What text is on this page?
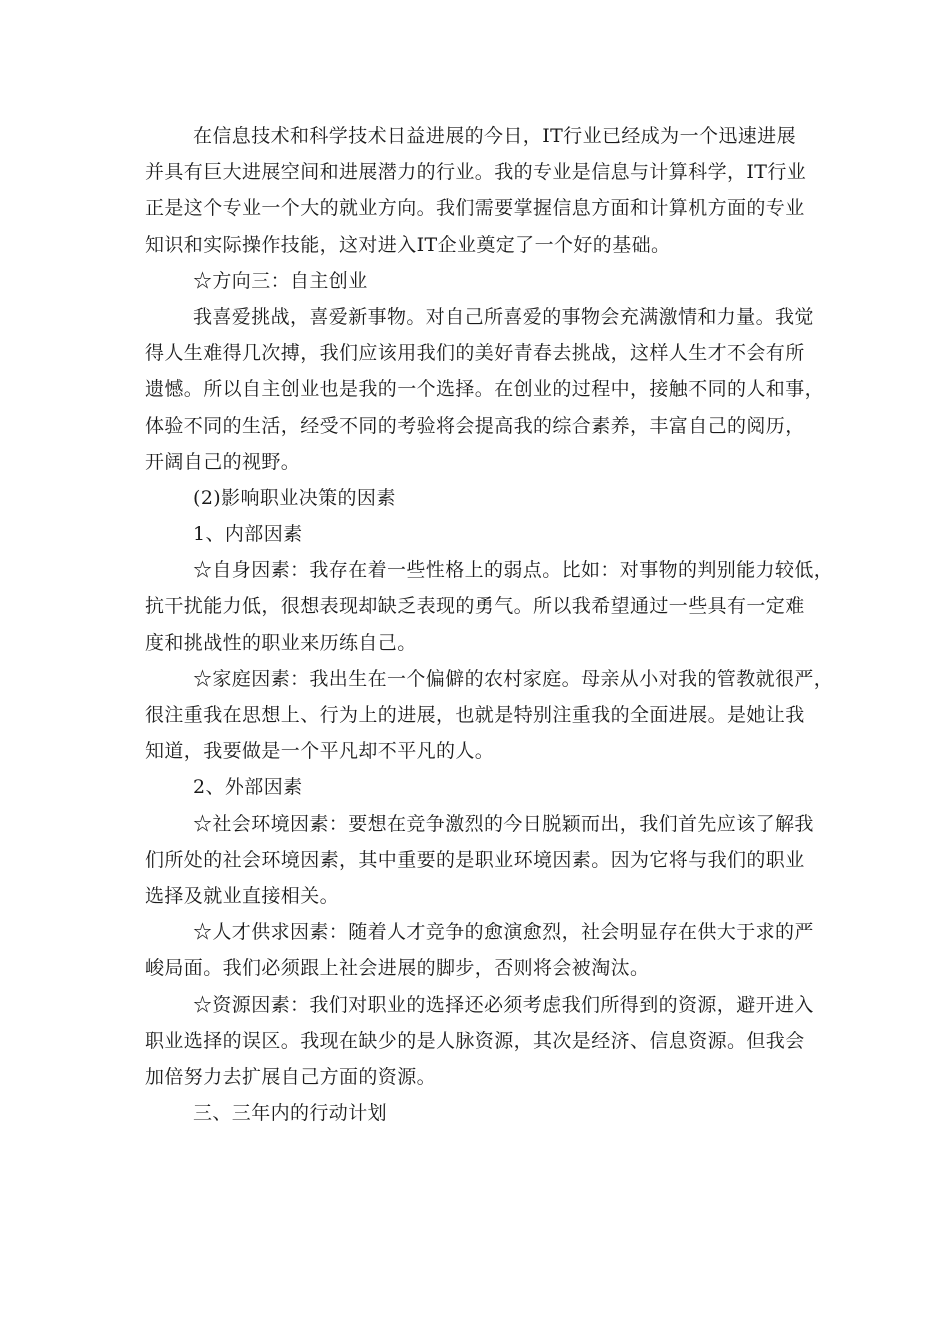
在信息技术和科学技术日益进展的今日，IT行业已经成为一个迅速进展
并具有巨大进展空间和进展潜力的行业。我的专业是信息与计算科学，IT行业
正是这个专业一个大的就业方向。我们需要掌握信息方面和计算机方面的专业
知识和实际操作技能，这对进入IT企业奠定了一个好的基础。
☆方向三：自主创业
我喜爱挑战，喜爱新事物。对自己所喜爱的事物会充满激情和力量。我觉
得人生难得几次搏，我们应该用我们的美好青春去挑战，这样人生才不会有所
遗憾。所以自主创业也是我的一个选择。在创业的过程中，接触不同的人和事，
体验不同的生活，经受不同的考验将会提高我的综合素养，丰富自己的阅历，
开阔自己的视野。
(2)影响职业决策的因素
1、内部因素
☆自身因素：我存在着一些性格上的弱点。比如：对事物的判别能力较低，
抗干扰能力低，很想表现却缺乏表现的勇气。所以我希望通过一些具有一定难
度和挑战性的职业来历练自己。
☆家庭因素：我出生在一个偏僻的农村家庭。母亲从小对我的管教就很严，
很注重我在思想上、行为上的进展，也就是特别注重我的全面进展。是她让我
知道，我要做是一个平凡却不平凡的人。
2、外部因素
☆社会环境因素：要想在竞争激烈的今日脱颖而出，我们首先应该了解我
们所处的社会环境因素，其中重要的是职业环境因素。因为它将与我们的职业
选择及就业直接相关。
☆人才供求因素：随着人才竞争的愈演愈烈，社会明显存在供大于求的严
峻局面。我们必须跟上社会进展的脚步，否则将会被淘汰。
☆资源因素：我们对职业的选择还必须考虑我们所得到的资源，避开进入
职业选择的误区。我现在缺少的是人脉资源，其次是经济、信息资源。但我会
加倍努力去扩展自己方面的资源。
三、三年内的行动计划
